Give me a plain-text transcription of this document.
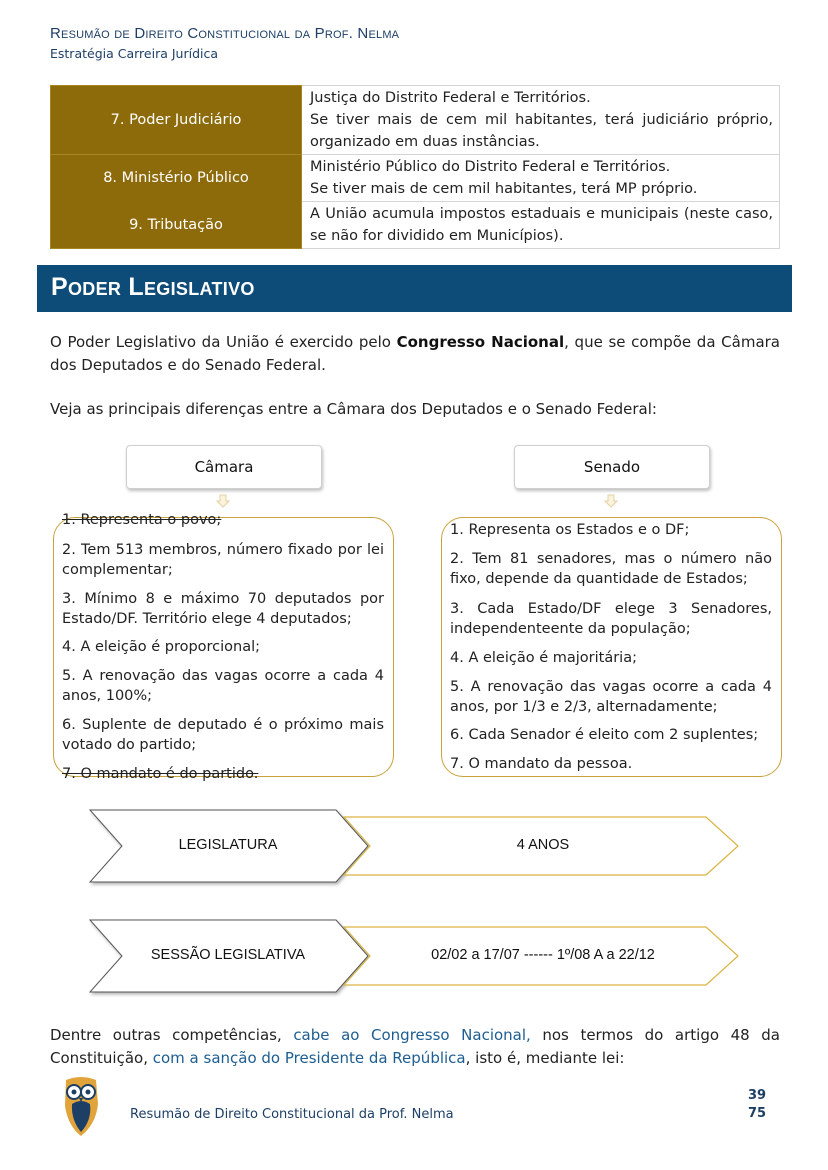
Resumão de Direito Constitucional da Prof. Nelma
Estratégia Carreira Jurídica
7. Poder Judiciário	Justiça do Distrito Federal e Territórios.
Se tiver mais de cem mil habitantes, terá judiciário próprio,
organizado em duas instâncias.

8. Ministério Público	Ministério Público do Distrito Federal e Territórios.
Se tiver mais de cem mil habitantes, terá MP próprio.

9. Tributação	A União acumula impostos estaduais e municipais (neste caso,
se não for dividido em Municípios).
Poder Legislativo
O Poder Legislativo da União é exercido pelo Congresso Nacional, que se compõe da Câmara dos Deputados e do Senado Federal.
Veja as principais diferenças entre a Câmara dos Deputados e o Senado Federal:
Câmara	Senado
1. Representa o povo;
2. Tem 513 membros, número fixado por lei complementar;
3. Mínimo 8 e máximo 70 deputados por Estado/DF. Território elege 4 deputados;
4. A eleição é proporcional;
5. A renovação das vagas ocorre a cada 4 anos, 100%;
6. Suplente de deputado é o próximo mais votado do partido;
7. O mandato é do partido.
1. Representa os Estados e o DF;
2. Tem 81 senadores, mas o número não fixo, depende da quantidade de Estados;
3. Cada Estado/DF elege 3 Senadores, independenteente da população;
4. A eleição é majoritária;
5. A renovação das vagas ocorre a cada 4 anos, por 1/3 e 2/3, alternadamente;
6. Cada Senador é eleito com 2 suplentes;
7. O mandato da pessoa.
LEGISLATURA	4 ANOS
SESSÃO LEGISLATIVA	02/02 a 17/07 ------ 1º/08 A a 22/12
Dentre outras competências, cabe ao Congresso Nacional, nos termos do artigo 48 da Constituição, com a sanção do Presidente da República, isto é, mediante lei:
Resumão de Direito Constitucional da Prof. Nelma
39
75
